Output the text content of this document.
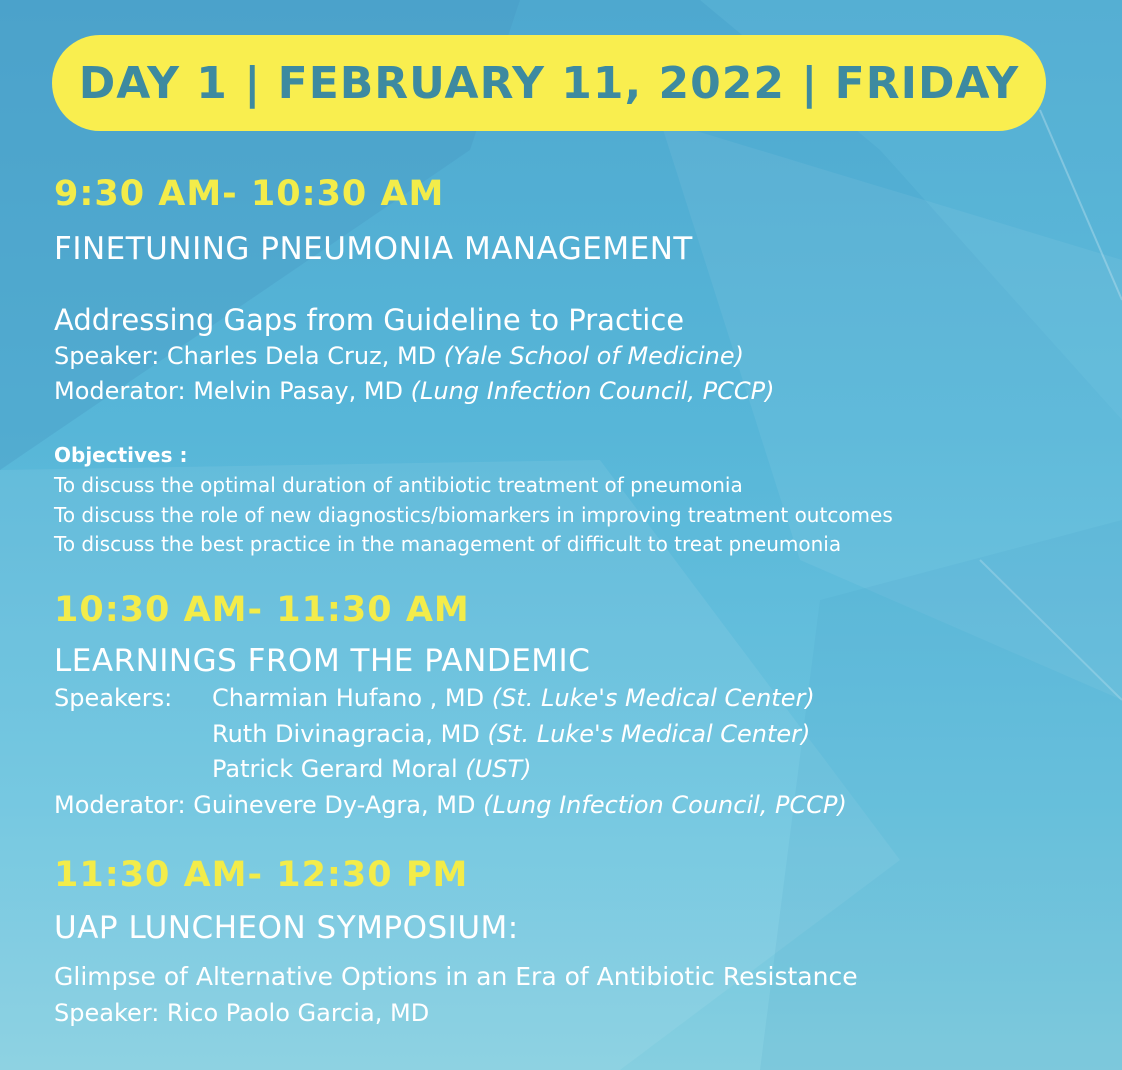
DAY 1 | FEBRUARY 11, 2022 | FRIDAY
9:30 AM- 10:30 AM
FINETUNING PNEUMONIA MANAGEMENT
Addressing Gaps from Guideline to Practice
Speaker: Charles Dela Cruz, MD (Yale School of Medicine)
Moderator: Melvin Pasay, MD (Lung Infection Council, PCCP)
Objectives :
To discuss the optimal duration of antibiotic treatment of pneumonia
To discuss the role of new diagnostics/biomarkers in improving treatment outcomes
To discuss the best practice in the management of difficult to treat pneumonia
10:30 AM- 11:30 AM
LEARNINGS FROM THE PANDEMIC
Speakers: Charmian Hufano , MD (St. Luke's Medical Center)
Ruth Divinagracia, MD (St. Luke's Medical Center)
Patrick Gerard Moral (UST)
Moderator: Guinevere Dy-Agra, MD (Lung Infection Council, PCCP)
11:30 AM- 12:30 PM
UAP LUNCHEON SYMPOSIUM:
Glimpse of Alternative Options in an Era of Antibiotic Resistance
Speaker: Rico Paolo Garcia, MD
